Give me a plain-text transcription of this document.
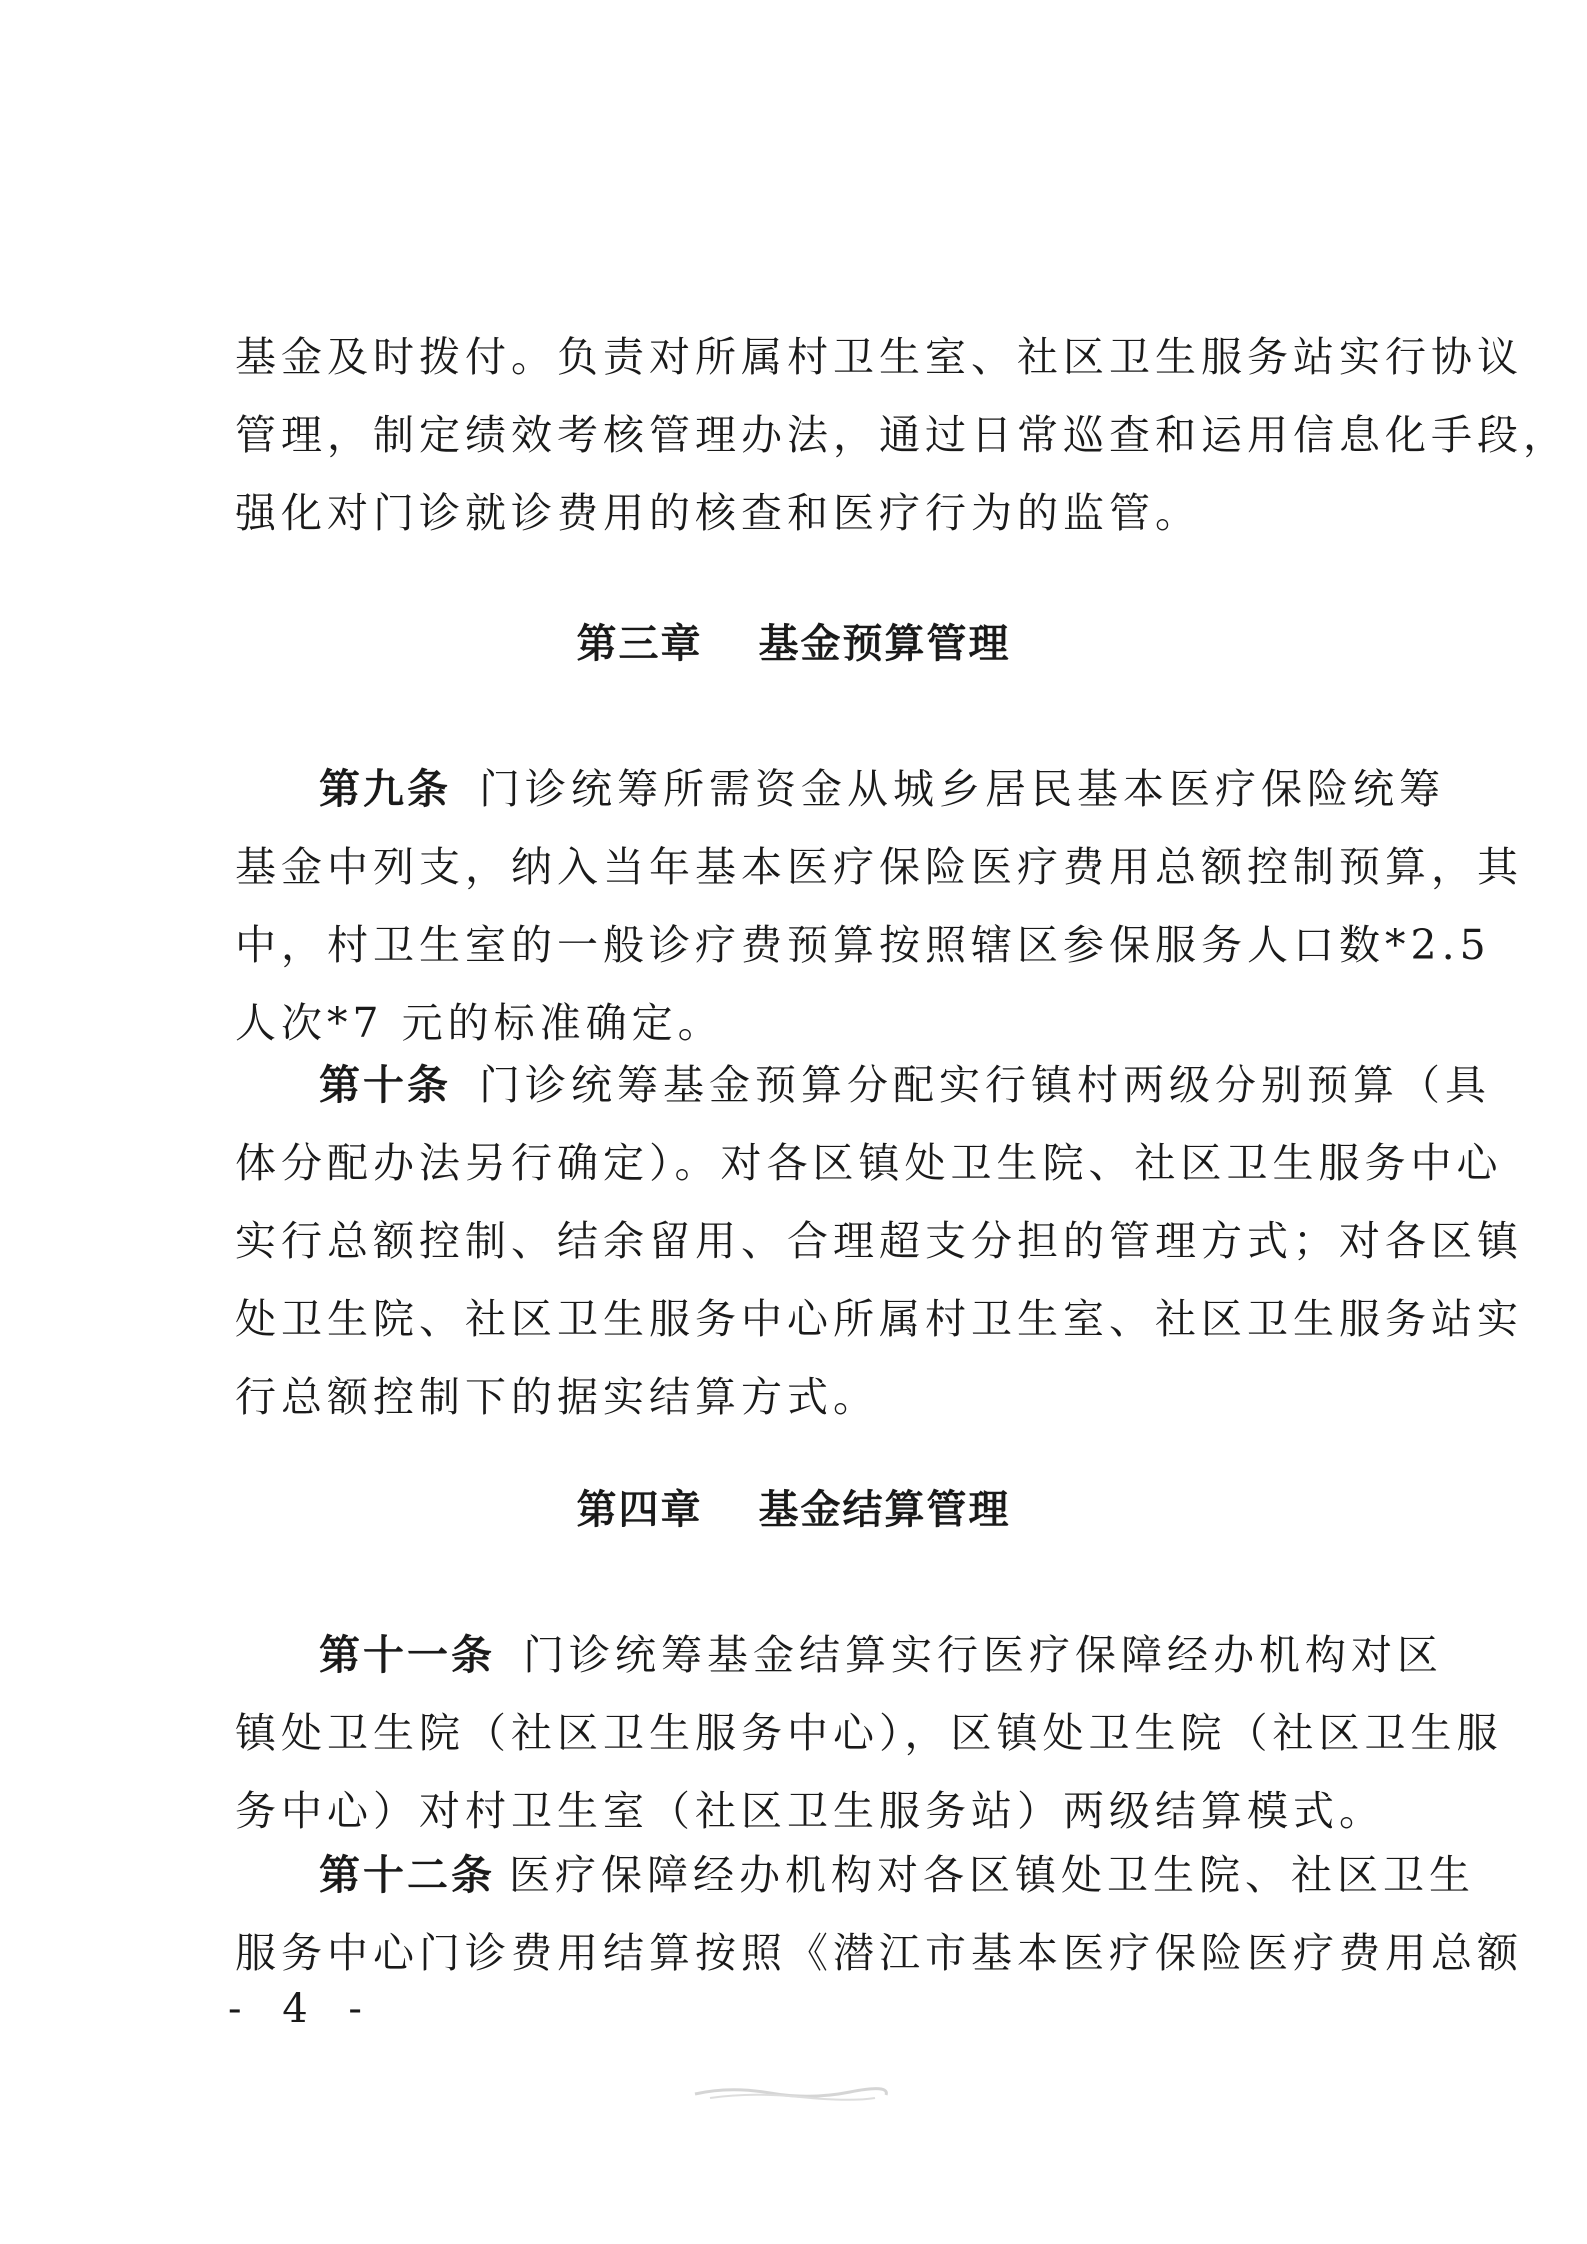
基金及时拨付。负责对所属村卫生室、社区卫生服务站实行协议
管理，制定绩效考核管理办法，通过日常巡查和运用信息化手段，
强化对门诊就诊费用的核查和医疗行为的监管。

第三章 基金预算管理

第九条 门诊统筹所需资金从城乡居民基本医疗保险统筹
基金中列支，纳入当年基本医疗保险医疗费用总额控制预算，其
中，村卫生室的一般诊疗费预算按照辖区参保服务人口数*2.5
人次*7 元的标准确定。

第十条 门诊统筹基金预算分配实行镇村两级分别预算（具
体分配办法另行确定）。对各区镇处卫生院、社区卫生服务中心
实行总额控制、结余留用、合理超支分担的管理方式；对各区镇
处卫生院、社区卫生服务中心所属村卫生室、社区卫生服务站实
行总额控制下的据实结算方式。

第四章 基金结算管理

第十一条 门诊统筹基金结算实行医疗保障经办机构对区
镇处卫生院（社区卫生服务中心），区镇处卫生院（社区卫生服
务中心）对村卫生室（社区卫生服务站）两级结算模式。

第十二条 医疗保障经办机构对各区镇处卫生院、社区卫生
服务中心门诊费用结算按照《潜江市基本医疗保险医疗费用总额

- 4 -
